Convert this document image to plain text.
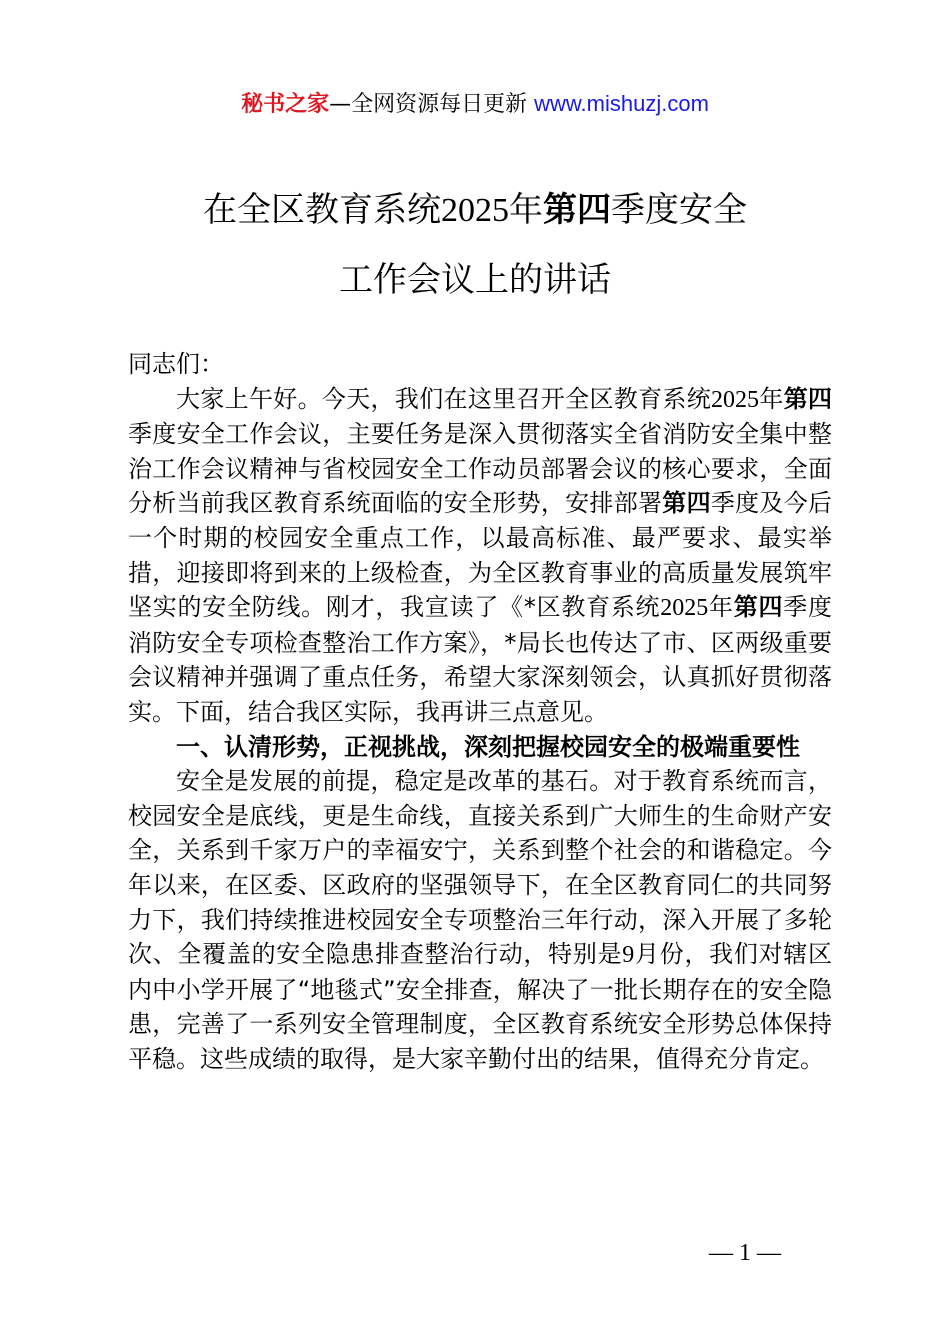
秘书之家—全网资源每日更新 www.mishuzj.com
在全区教育系统2025年第四季度安全
工作会议上的讲话

同志们：

大家上午好。今天，我们在这里召开全区教育系统2025年第四季度安全工作会议，主要任务是深入贯彻落实全省消防安全集中整治工作会议精神与省校园安全工作动员部署会议的核心要求，全面分析当前我区教育系统面临的安全形势，安排部署第四季度及今后一个时期的校园安全重点工作，以最高标准、最严要求、最实举措，迎接即将到来的上级检查，为全区教育事业的高质量发展筑牢坚实的安全防线。刚才，我宣读了《*区教育系统2025年第四季度消防安全专项检查整治工作方案》，*局长也传达了市、区两级重要会议精神并强调了重点任务，希望大家深刻领会，认真抓好贯彻落实。下面，结合我区实际，我再讲三点意见。

一、认清形势，正视挑战，深刻把握校园安全的极端重要性

安全是发展的前提，稳定是改革的基石。对于教育系统而言，校园安全是底线，更是生命线，直接关系到广大师生的生命财产安全，关系到千家万户的幸福安宁，关系到整个社会的和谐稳定。今年以来，在区委、区政府的坚强领导下，在全区教育同仁的共同努力下，我们持续推进校园安全专项整治三年行动，深入开展了多轮次、全覆盖的安全隐患排查整治行动，特别是9月份，我们对辖区内中小学开展了“地毯式”安全排查，解决了一批长期存在的安全隐患，完善了一系列安全管理制度，全区教育系统安全形势总体保持平稳。这些成绩的取得，是大家辛勤付出的结果，值得充分肯定。

— 1 —
